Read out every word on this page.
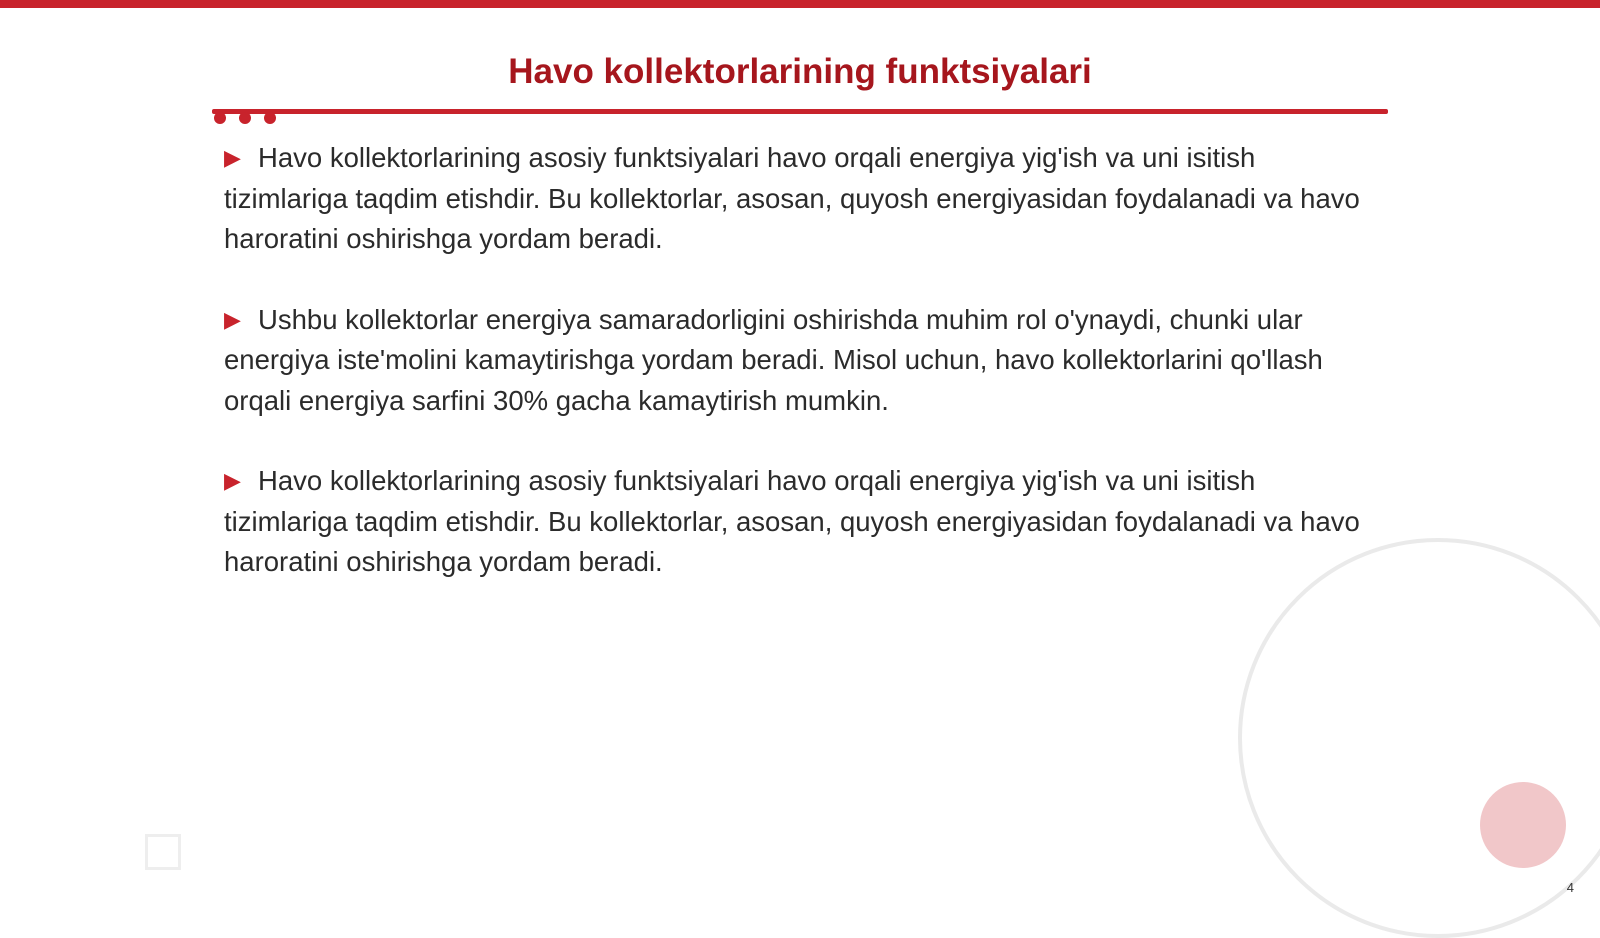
Havo kollektorlarining funktsiyalari

▶ Havo kollektorlarining asosiy funktsiyalari havo orqali energiya yig'ish va uni isitish tizimlariga taqdim etishdir. Bu kollektorlar, asosan, quyosh energiyasidan foydalanadi va havo haroratini oshirishga yordam beradi.

▶ Ushbu kollektorlar energiya samaradorligini oshirishda muhim rol o'ynaydi, chunki ular energiya iste'molini kamaytirishga yordam beradi. Misol uchun, havo kollektorlarini qo'llash orqali energiya sarfini 30% gacha kamaytirish mumkin.

▶ Havo kollektorlarining asosiy funktsiyalari havo orqali energiya yig'ish va uni isitish tizimlariga taqdim etishdir. Bu kollektorlar, asosan, quyosh energiyasidan foydalanadi va havo haroratini oshirishga yordam beradi.

4
